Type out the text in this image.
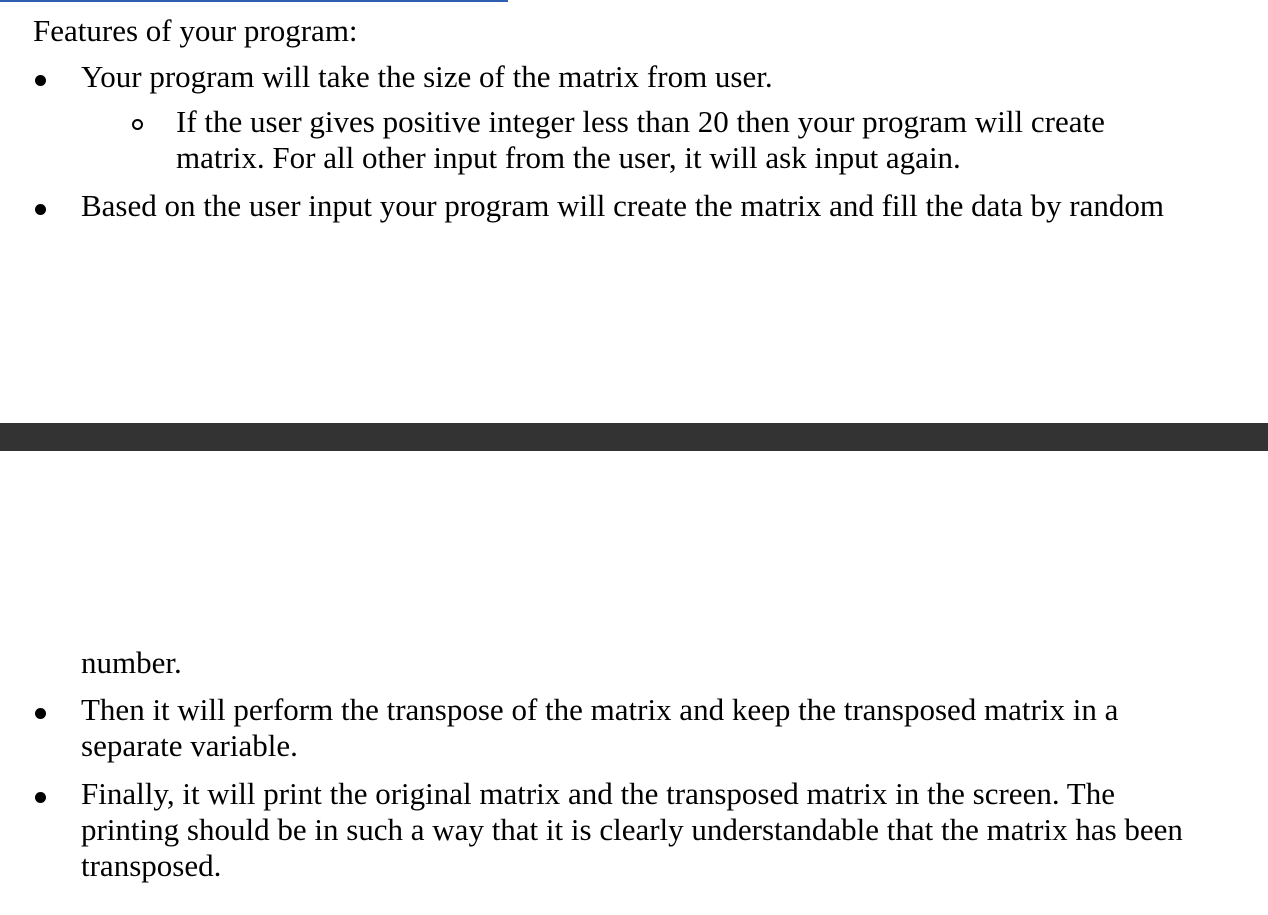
Features of your program:
Your program will take the size of the matrix from user.
If the user gives positive integer less than 20 then your program will create
matrix. For all other input from the user, it will ask input again.
Based on the user input your program will create the matrix and fill the data by random
number.
Then it will perform the transpose of the matrix and keep the transposed matrix in a
separate variable.
Finally, it will print the original matrix and the transposed matrix in the screen. The
printing should be in such a way that it is clearly understandable that the matrix has been
transposed.
